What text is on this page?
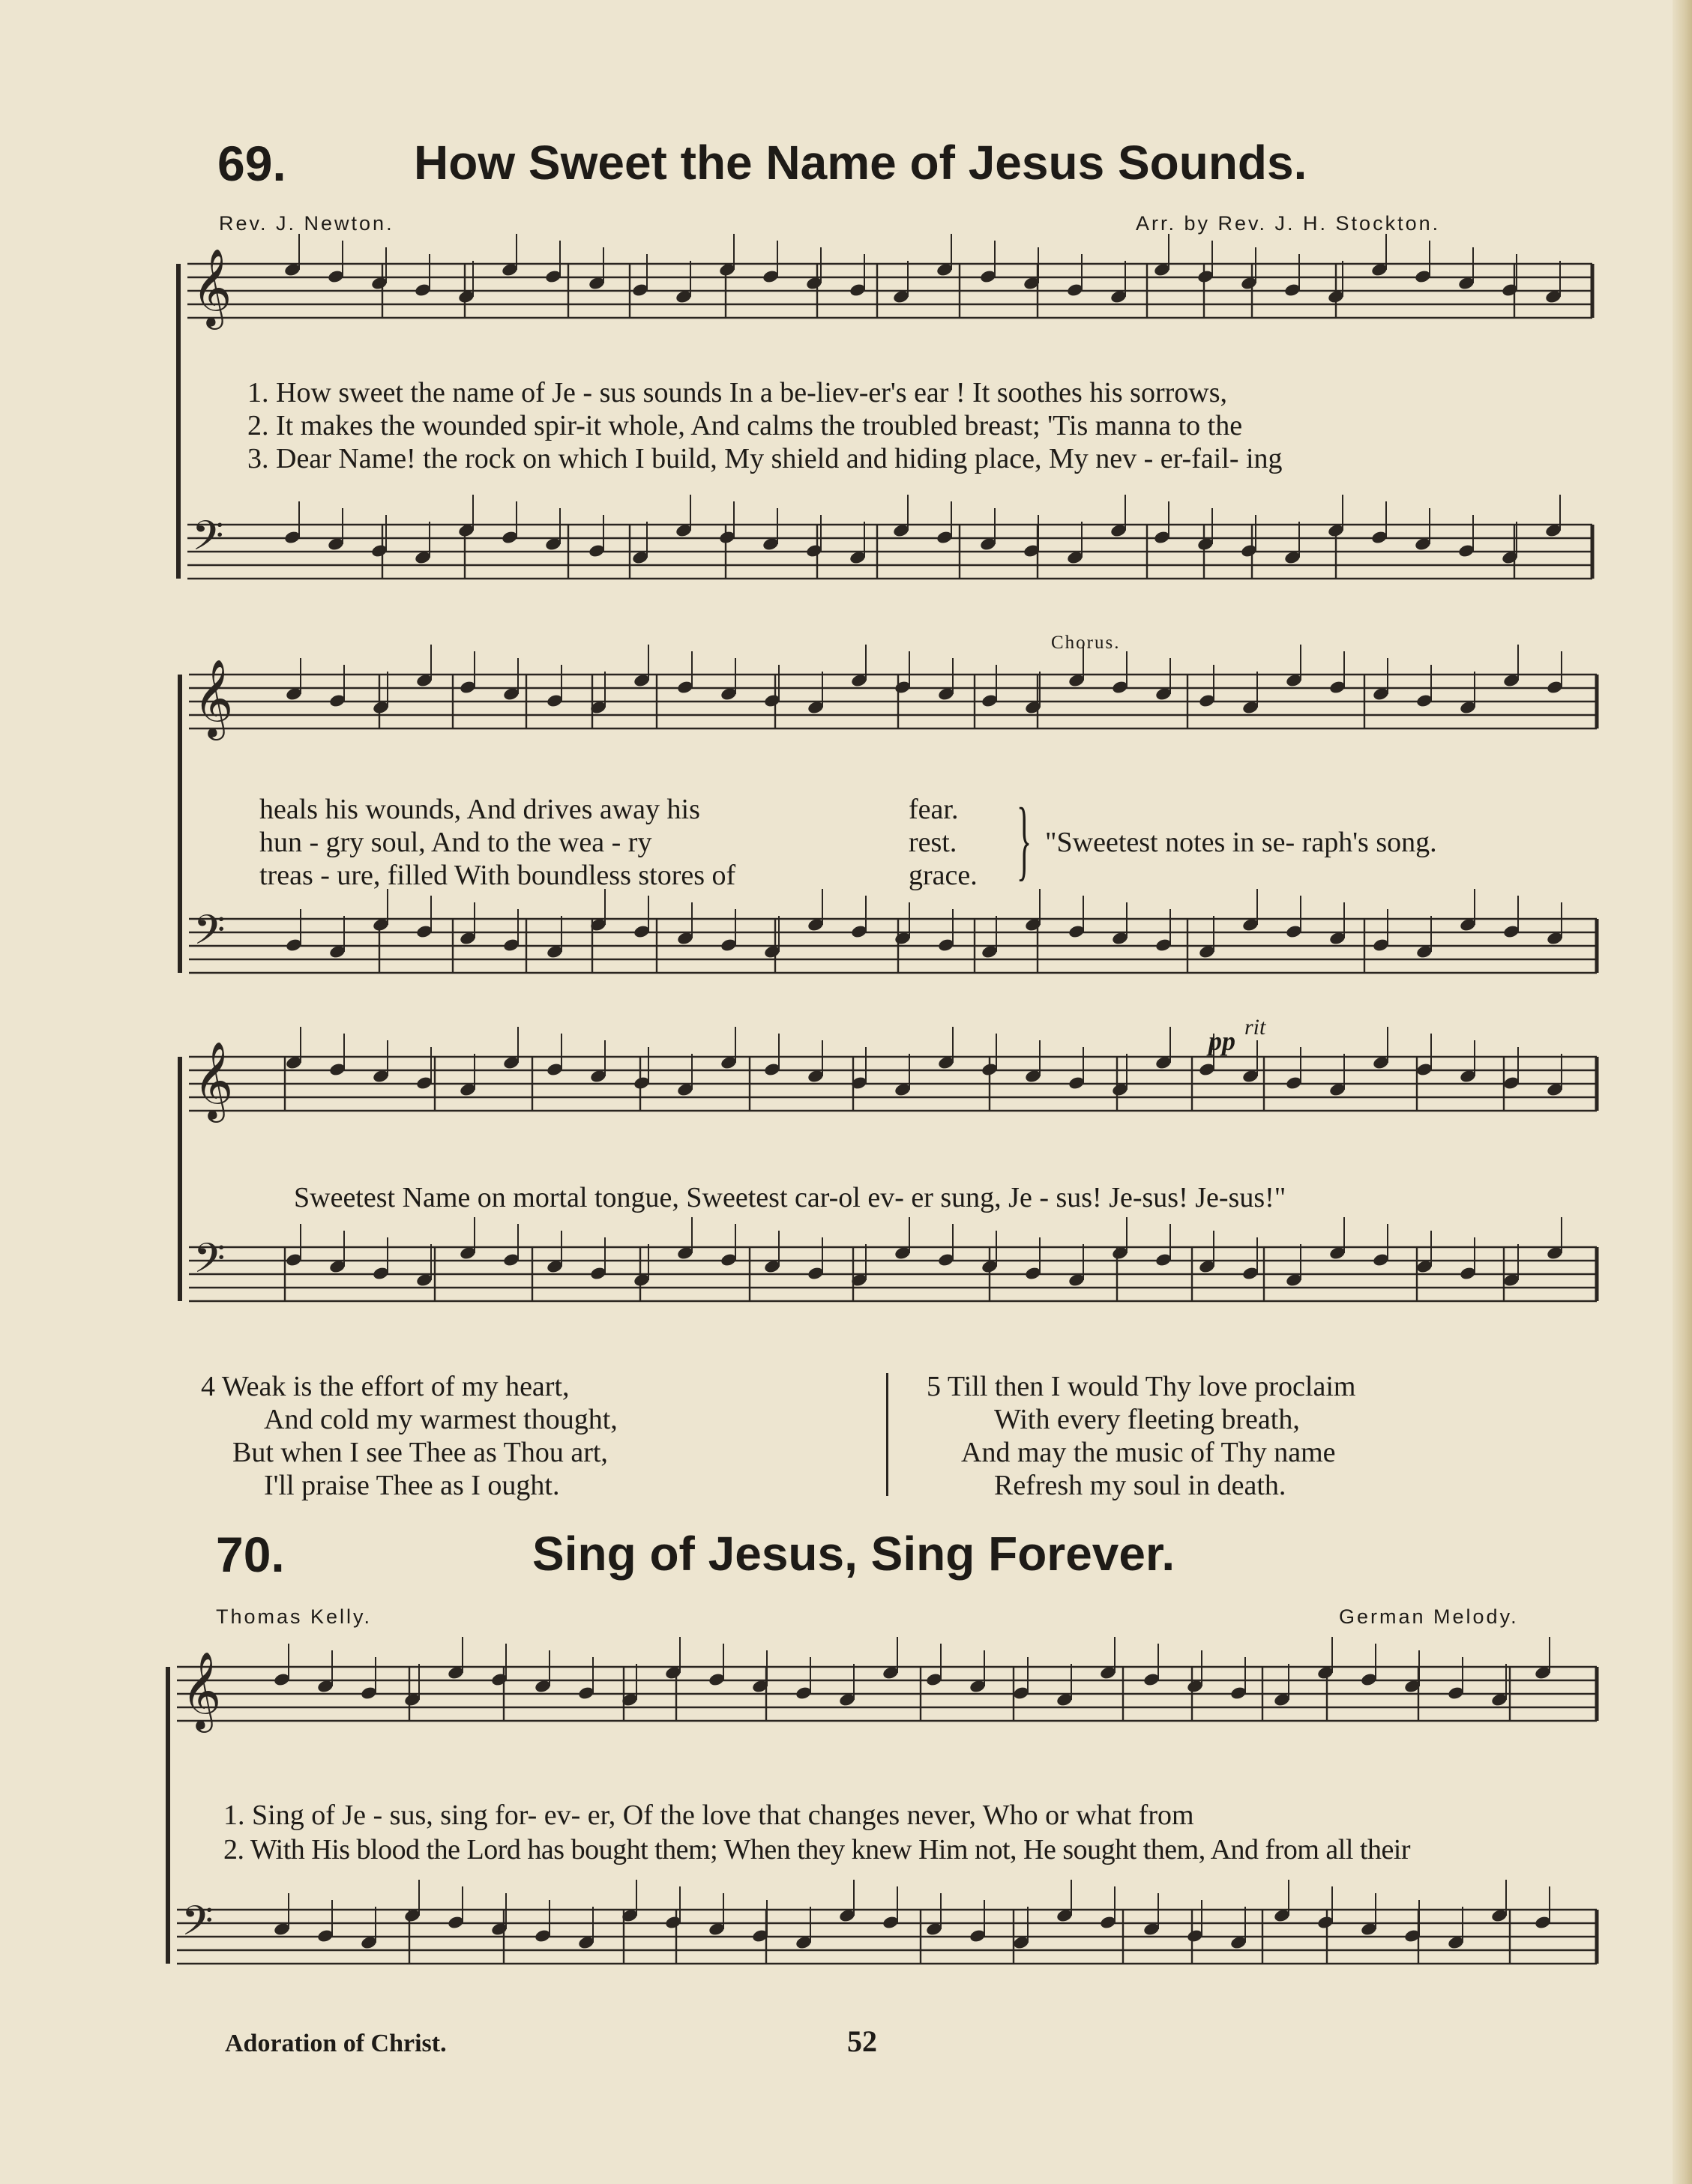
69.	How Sweet the Name of Jesus Sounds.
Rev. J. Newton.	Arr. by Rev. J. H. Stockton.
𝄞
𝄢
𝄞
𝄢
𝄞
𝄢
𝄞
𝄢
1. How sweet the name of Je - sus sounds In a be-liev-er's ear ! It soothes his sorrows,
2. It makes the wounded spir-it whole, And calms the troubled breast; 'Tis manna to the
3. Dear Name! the rock on which I build, My shield and hiding place, My nev - er-fail- ing
Chorus.
heals his wounds, And drives away his
hun - gry soul, And to the wea - ry
treas - ure, filled With boundless stores of
fear.
rest.
grace. } "Sweetest notes in se- raph's song.
pp rit
Sweetest Name on mortal tongue, Sweetest car-ol ev- er sung, Je - sus! Je-sus! Je-sus!"
4 Weak is the effort of my heart,
And cold my warmest thought,
But when I see Thee as Thou art,
I'll praise Thee as I ought.
5 Till then I would Thy love proclaim
With every fleeting breath,
And may the music of Thy name
Refresh my soul in death.
70.	Sing of Jesus, Sing Forever.
Thomas Kelly.	German Melody.
1. Sing of Je - sus, sing for- ev- er, Of the love that changes never, Who or what from
2. With His blood the Lord has bought them; When they knew Him not, He sought them, And from all their
Adoration of Christ.	52
